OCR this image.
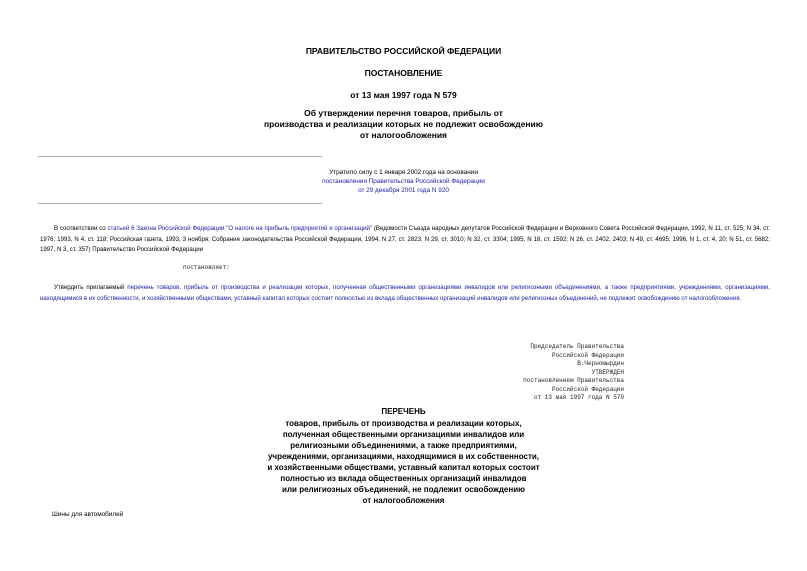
ПРАВИТЕЛЬСТВО РОССИЙСКОЙ ФЕДЕРАЦИИ
ПОСТАНОВЛЕНИЕ
от 13 мая 1997 года N 579
Об утверждении перечня товаров, прибыль от
производства и реализации которых не подлежит освобождению
от налогообложения
Утратило силу с 1 января 2002 года на основании
постановления Правительства Российской Федерации
от 29 декабря 2001 года N 920
В соответствии со статьей 6 Закона Российской Федерации "О налоге на прибыль предприятий и организаций" (Ведомости Съезда народных депутатов Российской Федерации и Верховного Совета Российской Федерации, 1992, N 11, ст. 525; N 34, ст. 1976; 1993, N 4, ст. 118; Российская газета, 1993, 3 ноября; Собрание законодательства Российской Федерации, 1994, N 27, ст. 2823; N 29, ст. 3010; N 32, ст. 3304; 1995, N 18, ст. 1592; N 26, ст. 2402, 2403; N 49, ст. 4695; 1996, N 1, ст. 4, 20; N 51, ст. 5682; 1997, N 3, ст. 357) Правительство Российской Федерации
постановляет:
Утвердить прилагаемый перечень товаров, прибыль от производства и реализации которых, полученная общественными организациями инвалидов или религиозными объединениями, а также предприятиями, учреждениями, организациями, находящимися в их собственности, и хозяйственными обществами, уставный капитал которых состоит полностью из вклада общественных организаций инвалидов или религиозных объединений, не подлежит освобождению от налогообложения.
Председатель Правительства
Российской Федерации
В.Черномырдин
УТВЕРЖДЕН
постановлением Правительства
Российской Федерации
от 13 мая 1997 года N 579
ПЕРЕЧЕНЬ
товаров, прибыль от производства и реализации которых,
полученная общественными организациями инвалидов или
религиозными объединениями, а также предприятиями,
учреждениями, организациями, находящимися в их собственности,
и хозяйственными обществами, уставный капитал которых состоит
полностью из вклада общественных организаций инвалидов
или религиозных объединений, не подлежит освобождению
от налогообложения
Шины для автомобилей
